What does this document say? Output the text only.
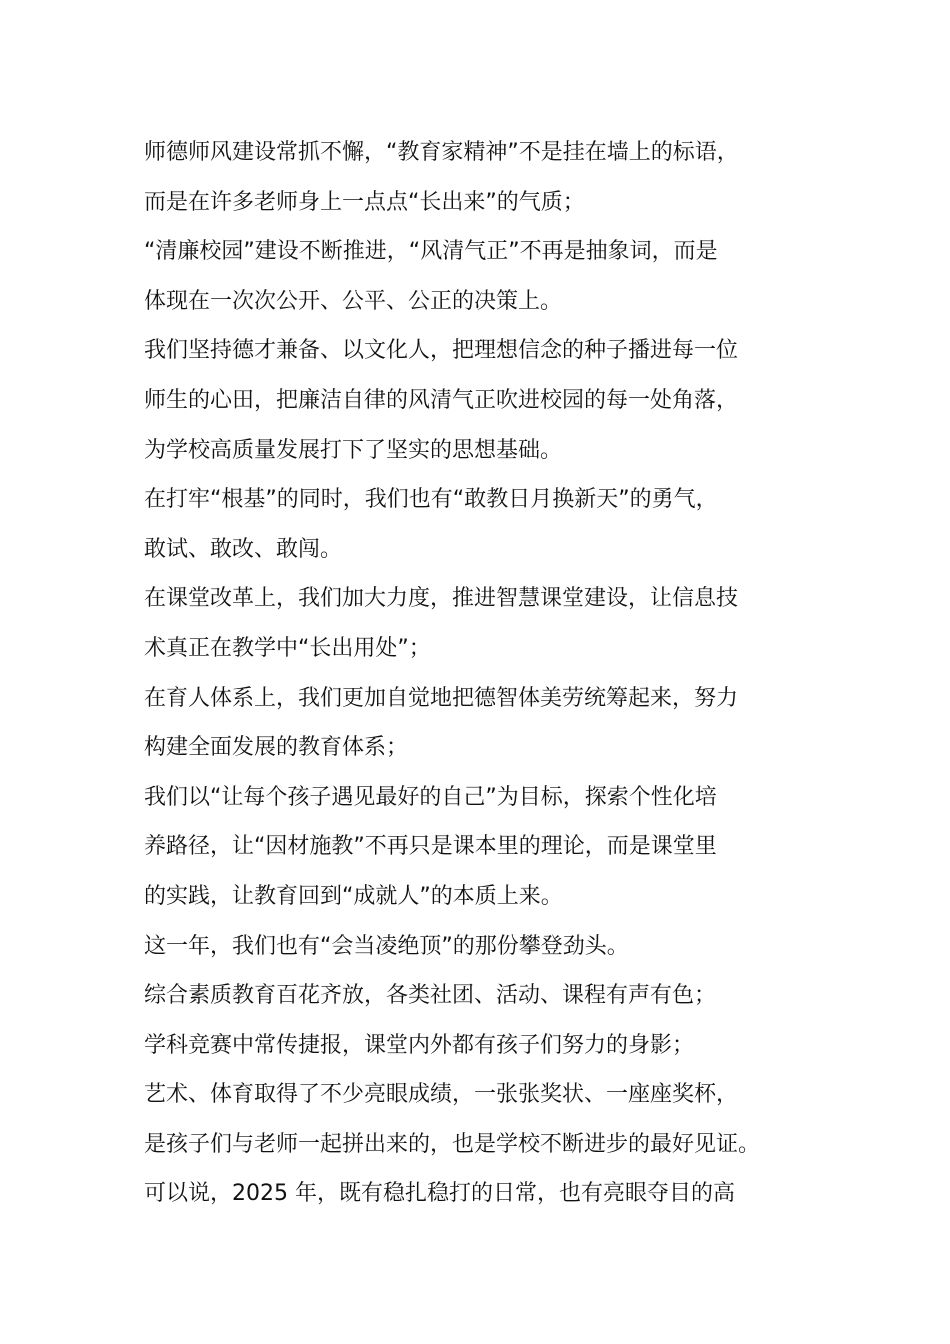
师德师风建设常抓不懈，“教育家精神”不是挂在墙上的标语，
而是在许多老师身上一点点“长出来”的气质；
“清廉校园”建设不断推进，“风清气正”不再是抽象词，而是
体现在一次次公开、公平、公正的决策上。
我们坚持德才兼备、以文化人，把理想信念的种子播进每一位
师生的心田，把廉洁自律的风清气正吹进校园的每一处角落，
为学校高质量发展打下了坚实的思想基础。
在打牢“根基”的同时，我们也有“敢教日月换新天”的勇气，
敢试、敢改、敢闯。
在课堂改革上，我们加大力度，推进智慧课堂建设，让信息技
术真正在教学中“长出用处”；
在育人体系上，我们更加自觉地把德智体美劳统筹起来，努力
构建全面发展的教育体系；
我们以“让每个孩子遇见最好的自己”为目标，探索个性化培
养路径，让“因材施教”不再只是课本里的理论，而是课堂里
的实践，让教育回到“成就人”的本质上来。
这一年，我们也有“会当凌绝顶”的那份攀登劲头。
综合素质教育百花齐放，各类社团、活动、课程有声有色；
学科竞赛中常传捷报，课堂内外都有孩子们努力的身影；
艺术、体育取得了不少亮眼成绩，一张张奖状、一座座奖杯，
是孩子们与老师一起拼出来的，也是学校不断进步的最好见证。
可以说，2025 年，既有稳扎稳打的日常，也有亮眼夺目的高
